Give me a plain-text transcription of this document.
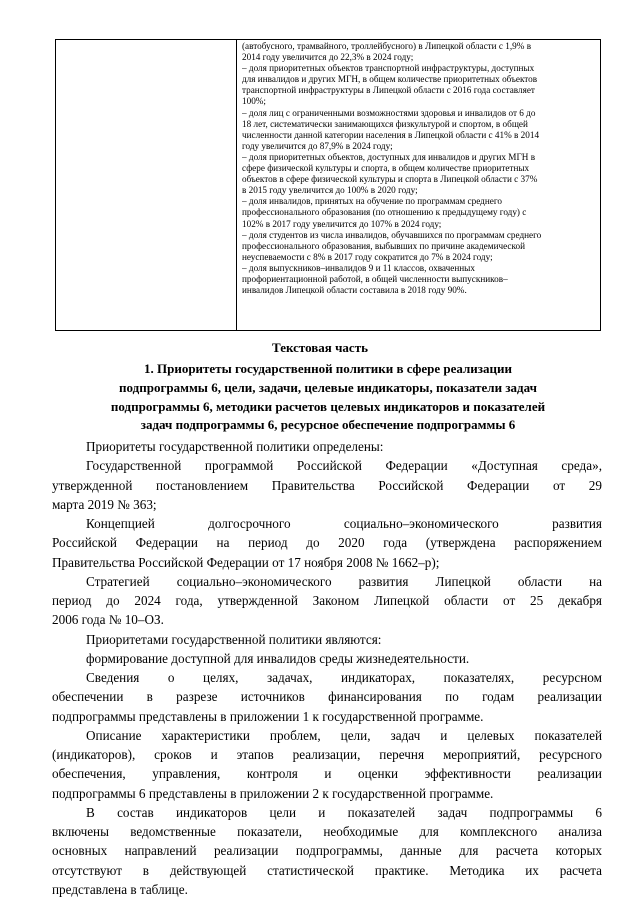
(автобусного, трамвайного, троллейбусного) в Липецкой области с 1,9% в
2014 году увеличится до 22,3% в 2024 году;
– доля приоритетных объектов транспортной инфраструктуры, доступных
для инвалидов и других МГН, в общем количестве приоритетных объектов
транспортной инфраструктуры в Липецкой области с 2016 года составляет
100%;
– доля лиц с ограниченными возможностями здоровья и инвалидов от 6 до
18 лет, систематически занимающихся физкультурой и спортом, в общей
численности данной категории населения в Липецкой области с 41% в 2014
году увеличится до 87,9% в 2024 году;
– доля приоритетных объектов, доступных для инвалидов и других МГН в
сфере физической культуры и спорта, в общем количестве приоритетных
объектов в сфере физической культуры и спорта в Липецкой области с 37%
в 2015 году увеличится до 100% в 2020 году;
– доля инвалидов, принятых на обучение по программам среднего
профессионального образования (по отношению к предыдущему году) с
102% в 2017 году увеличится до 107% в 2024 году;
– доля студентов из числа инвалидов, обучавшихся по программам среднего
профессионального образования, выбывших по причине академической
неуспеваемости с 8% в 2017 году сократится до 7% в 2024 году;
– доля выпускников–инвалидов 9 и 11 классов, охваченных
профориентационной работой, в общей численности выпускников–
инвалидов Липецкой области составила в 2018 году 90%.
Текстовая часть
1. Приоритеты государственной политики в сфере реализации
подпрограммы 6, цели, задачи, целевые индикаторы, показатели задач
подпрограммы 6, методики расчетов целевых индикаторов и показателей
задач подпрограммы 6, ресурсное обеспечение подпрограммы 6
Приоритеты государственной политики определены:
Государственной программой Российской Федерации «Доступная среда»,
утвержденной постановлением Правительства Российской Федерации от 29
марта 2019 № 363;
Концепцией долгосрочного социально–экономического развития
Российской Федерации на период до 2020 года (утверждена распоряжением
Правительства Российской Федерации от 17 ноября 2008 № 1662–р);
Стратегией социально–экономического развития Липецкой области на
период до 2024 года, утвержденной Законом Липецкой области от 25 декабря
2006 года № 10–ОЗ.
Приоритетами государственной политики являются:
формирование доступной для инвалидов среды жизнедеятельности.
Сведения о целях, задачах, индикаторах, показателях, ресурсном
обеспечении в разрезе источников финансирования по годам реализации
подпрограммы представлены в приложении 1 к государственной программе.
Описание характеристики проблем, цели, задач и целевых показателей
(индикаторов), сроков и этапов реализации, перечня мероприятий, ресурсного
обеспечения, управления, контроля и оценки эффективности реализации
подпрограммы 6 представлены в приложении 2 к государственной программе.
В состав индикаторов цели и показателей задач подпрограммы 6
включены ведомственные показатели, необходимые для комплексного анализа
основных направлений реализации подпрограммы, данные для расчета которых
отсутствуют в действующей статистической практике. Методика их расчета
представлена в таблице.
